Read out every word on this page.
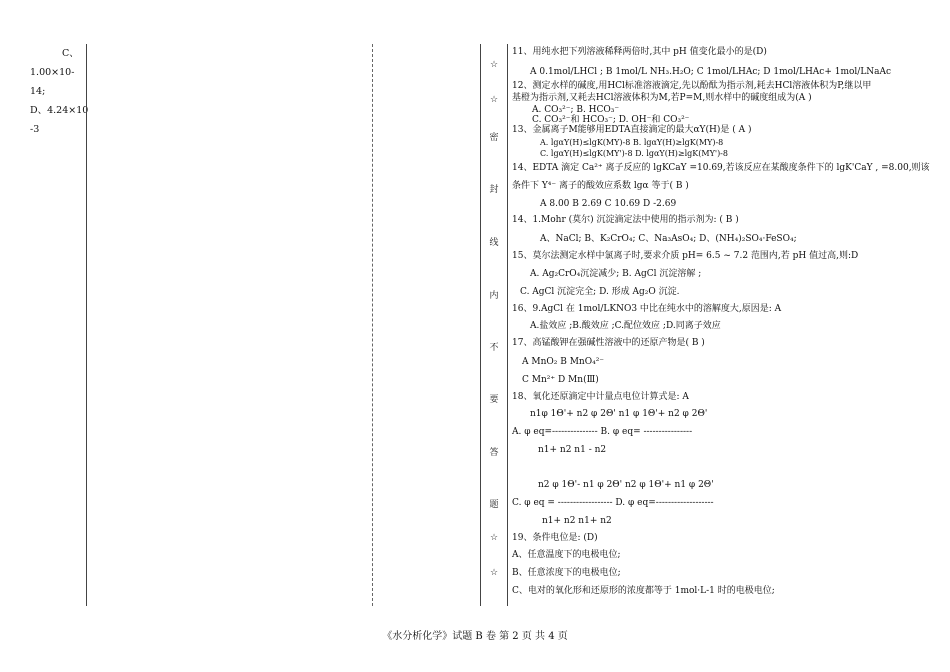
C、
1.00×10-
14;
D、4.24×10
-3
☆
☆
密
封
线
内
不
要
答
题
☆
☆
11、用纯水把下列溶液稀释两倍时,其中 pH 值变化最小的是(D)
A 0.1mol/LHCl ; B 1mol/L NH₃.H₂O; C 1mol/LHAc; D 1mol/LHAc+ 1mol/LNaAc
12、测定水样的碱度,用HCl标准溶液滴定,先以酚酞为指示剂,耗去HCl溶液体积为P,继以甲
基橙为指示剂,又耗去HCl溶液体积为M,若P=M,则水样中的碱度组成为(A )
A. CO₃²⁻; B. HCO₃⁻
C. CO₃²⁻和 HCO₃⁻; D. OH⁻和 CO₃²⁻
13、金属离子M能够用EDTA直接滴定的最大αY(H)是 ( A )
A. lgαY(H)≤lgK(MY)-8 B. lgαY(H)≥lgK(MY)-8
C. lgαY(H)≤lgK(MY')-8 D. lgαY(H)≥lgK(MY')-8
14、EDTA 滴定 Ca²⁺ 离子反应的 lgKCaY =10.69,若该反应在某酸度条件下的 lgK'CaY , =8.00,则该
条件下 Y⁴⁻ 离子的酸效应系数 lgα 等于( B )
A 8.00 B 2.69 C 10.69 D -2.69
14、1.Mohr (莫尔) 沉淀滴定法中使用的指示剂为: ( B )
A、NaCl; B、K₂CrO₄; C、Na₃AsO₄; D、(NH₄)₂SO₄·FeSO₄;
15、莫尔法测定水样中氯离子时,要求介质 pH= 6.5 ~ 7.2 范围内,若 pH 值过高,则:D
A. Ag₂CrO₄沉淀减少; B. AgCl 沉淀溶解 ;
C. AgCl 沉淀完全; D. 形成 Ag₂O 沉淀.
16、9.AgCl 在 1mol/LKNO3 中比在纯水中的溶解度大,原因是: A
A.盐效应 ;B.酸效应 ;C.配位效应 ;D.同离子效应
17、高锰酸钾在强碱性溶液中的还原产物是( B )
A MnO₂ B MnO₄²⁻
C Mn²⁺ D Mn(Ⅲ)
18、氧化还原滴定中计量点电位计算式是: A
n1φ 1Θ'+ n2 φ 2Θ' n1 φ 1Θ'+ n2 φ 2Θ'
A. φ eq=--------------- B. φ eq= ----------------
n1+ n2 n1 - n2
n2 φ 1Θ'- n1 φ 2Θ' n2 φ 1Θ'+ n1 φ 2Θ'
C. φ eq = ------------------ D. φ eq=-------------------
n1+ n2 n1+ n2
19、条件电位是: (D)
A、任意温度下的电极电位;
B、任意浓度下的电极电位;
C、电对的氧化形和还原形的浓度都等于 1mol·L-1 时的电极电位;
《水分析化学》试题 B 卷 第 2 页 共 4 页
